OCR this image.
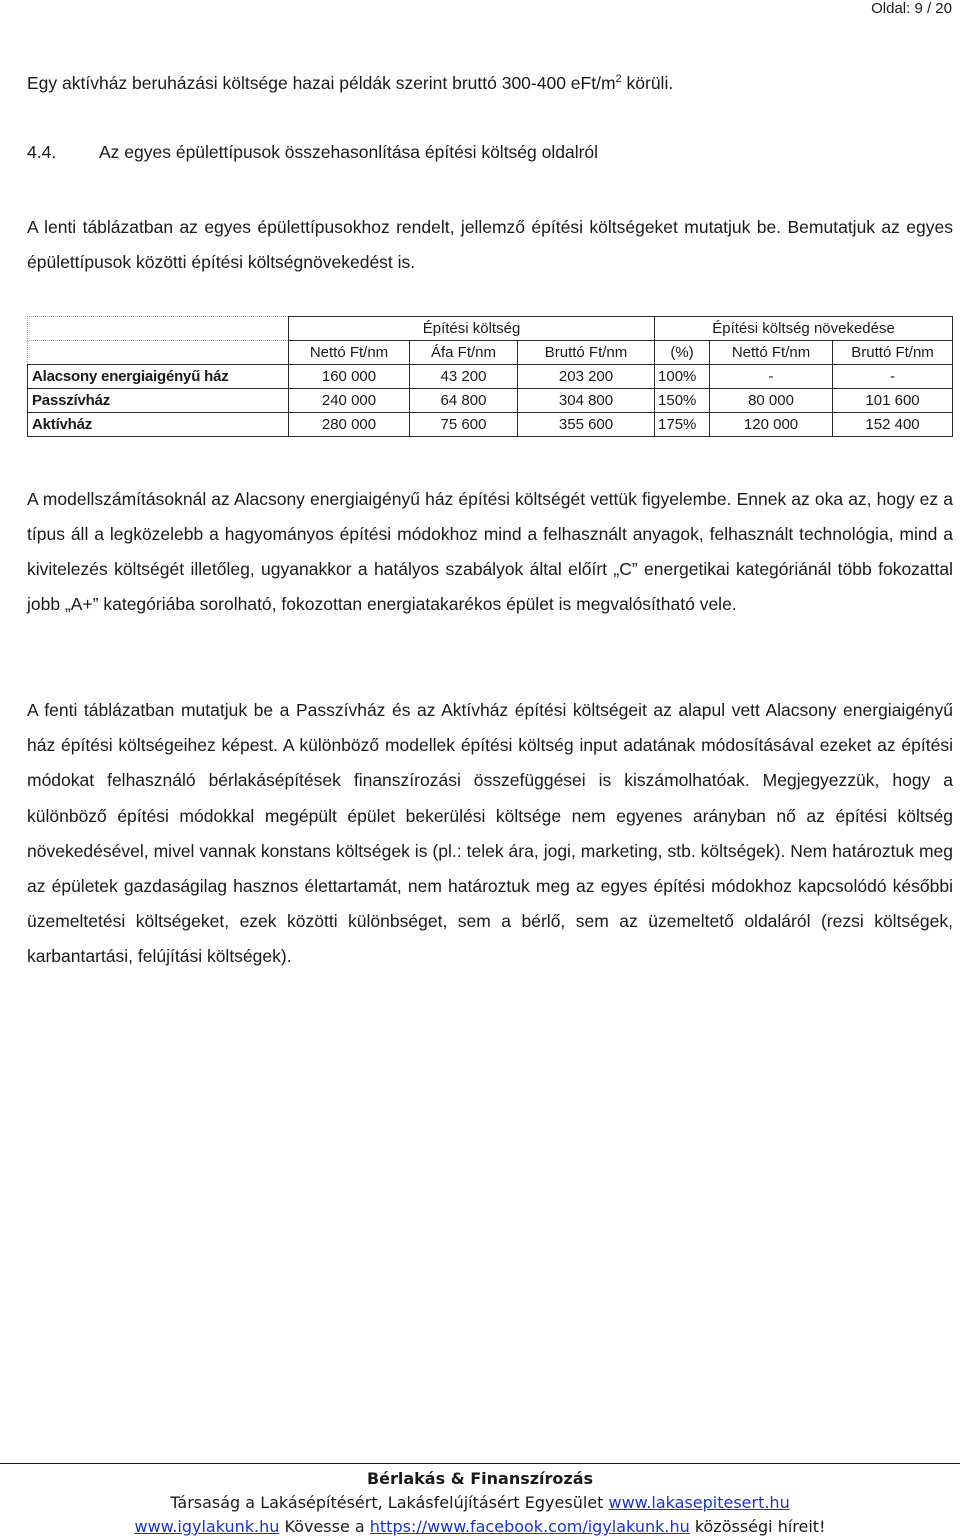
Oldal: 9 / 20
Egy aktívház beruházási költsége hazai példák szerint bruttó 300-400 eFt/$m^2$ körüli.
4.4. Az egyes épülettípusok összehasonlítása építési költség oldalról
A lenti táblázatban az egyes épülettípusokhoz rendelt, jellemző építési költségeket mutatjuk be. Bemutatjuk az egyes épülettípusok közötti építési költségnövekedést is.
	Építési költség			Építési költség növekedése		
	Nettó Ft/nm	Áfa Ft/nm	Bruttó Ft/nm	(%)	Nettó Ft/nm	Bruttó Ft/nm
Alacsony energiaigényű ház	160 000	43 200	203 200	100%	-	-
Passzívház	240 000	64 800	304 800	150%	80 000	101 600
Aktívház	280 000	75 600	355 600	175%	120 000	152 400
A modellszámításoknál az Alacsony energiaigényű ház építési költségét vettük figyelembe. Ennek az oka az, hogy ez a típus áll a legközelebb a hagyományos építési módokhoz mind a felhasznált anyagok, felhasznált technológia, mind a kivitelezés költségét illetőleg, ugyanakkor a hatályos szabályok által előírt „C” energetikai kategóriánál több fokozattal jobb „A+” kategóriába sorolható, fokozottan energiatakarékos épület is megvalósítható vele.
A fenti táblázatban mutatjuk be a Passzívház és az Aktívház építési költségeit az alapul vett Alacsony energiaigényű ház építési költségeihez képest. A különböző modellek építési költség input adatának módosításával ezeket az építési módokat felhasználó bérlakásépítések finanszírozási összefüggései is kiszámolhatóak. Megjegyezzük, hogy a különböző építési módokkal megépült épület bekerülési költsége nem egyenes arányban nő az építési költség növekedésével, mivel vannak konstans költségek is (pl.: telek ára, jogi, marketing, stb. költségek). Nem határoztuk meg az épületek gazdaságilag hasznos élettartamát, nem határoztuk meg az egyes építési módokhoz kapcsolódó későbbi üzemeltetési költségeket, ezek közötti különbséget, sem a bérlő, sem az üzemeltető oldaláról (rezsi költségek, karbantartási, felújítási költségek).
Bérlakás & Finanszírozás
Társaság a Lakásépítésért, Lakásfelújításért Egyesület www.lakasepitesert.hu
www.igylakunk.hu Kövesse a https://www.facebook.com/igylakunk.hu közösségi híreit!
